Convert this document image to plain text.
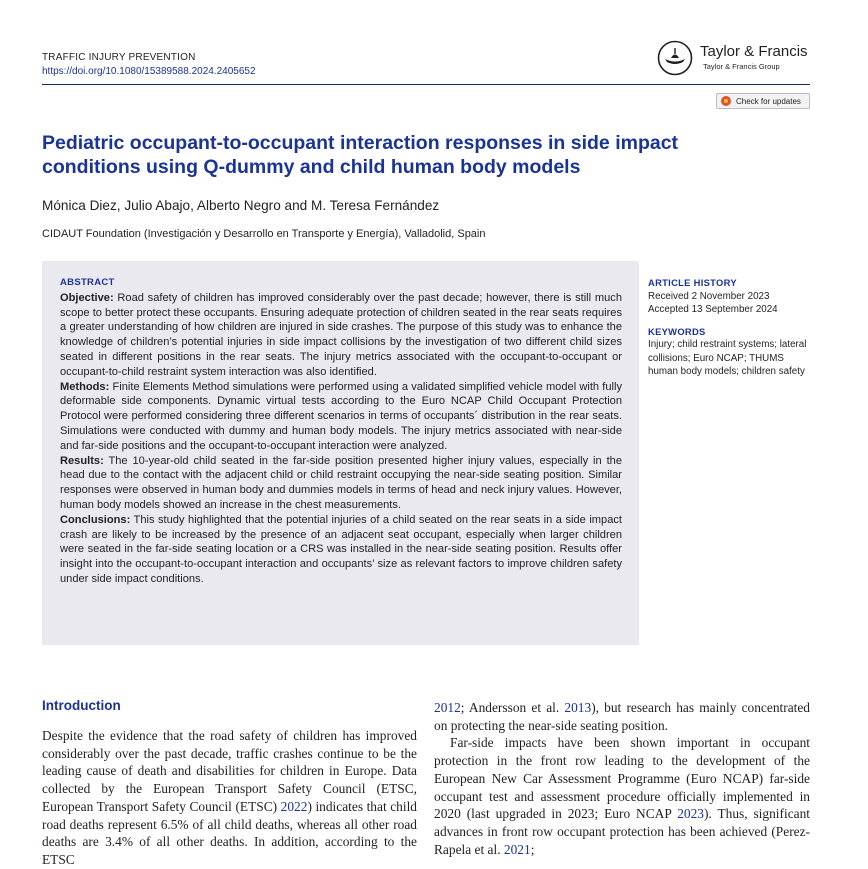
TRAFFIC INJURY PREVENTION
https://doi.org/10.1080/15389588.2024.2405652
Taylor & Francis
Taylor & Francis Group
Check for updates
Pediatric occupant-to-occupant interaction responses in side impact conditions using Q-dummy and child human body models
Mónica Diez, Julio Abajo, Alberto Negro and M. Teresa Fernández
CIDAUT Foundation (Investigación y Desarrollo en Transporte y Energía), Valladolid, Spain
ABSTRACT
Objective: Road safety of children has improved considerably over the past decade; however, there is still much scope to better protect these occupants. Ensuring adequate protection of children seated in the rear seats requires a greater understanding of how children are injured in side crashes. The purpose of this study was to enhance the knowledge of children’s potential injuries in side impact collisions by the investigation of two different child sizes seated in different positions in the rear seats. The injury metrics associated with the occupant-to-occupant or occupant-to-child restraint system interaction was also identified.
Methods: Finite Elements Method simulations were performed using a validated simplified vehicle model with fully deformable side components. Dynamic virtual tests according to the Euro NCAP Child Occupant Protection Protocol were performed considering three different scenarios in terms of occupants´ distribution in the rear seats. Simulations were conducted with dummy and human body models. The injury metrics associated with near-side and far-side positions and the occupant-to-occupant interaction were analyzed.
Results: The 10-year-old child seated in the far-side position presented higher injury values, especially in the head due to the contact with the adjacent child or child restraint occupying the near-side seating position. Similar responses were observed in human body and dummies models in terms of head and neck injury values. However, human body models showed an increase in the chest measurements.
Conclusions: This study highlighted that the potential injuries of a child seated on the rear seats in a side impact crash are likely to be increased by the presence of an adjacent seat occupant, especially when larger children were seated in the far-side seating location or a CRS was installed in the near-side seating position. Results offer insight into the occupant-to-occupant interaction and occupants’ size as relevant factors to improve children safety under side impact conditions.
ARTICLE HISTORY
Received 2 November 2023
Accepted 13 September 2024
KEYWORDS
Injury; child restraint systems; lateral collisions; Euro NCAP; THUMS human body models; children safety
Introduction

Despite the evidence that the road safety of children has improved considerably over the past decade, traffic crashes continue to be the leading cause of death and disabilities for children in Europe. Data collected by the European Transport Safety Council (ETSC, European Transport Safety Council (ETSC) 2022) indicates that child road deaths represent 6.5% of all child deaths, whereas all other road deaths are 3.4% of all other deaths. In addition, according to the ETSC

2012; Andersson et al. 2013), but research has mainly concentrated on protecting the near-side seating position.

Far-side impacts have been shown important in occupant protection in the front row leading to the development of the European New Car Assessment Programme (Euro NCAP) far-side occupant test and assessment procedure officially implemented in 2020 (last upgraded in 2023; Euro NCAP 2023). Thus, significant advances in front row occupant protection has been achieved (Perez-Rapela et al. 2021;
